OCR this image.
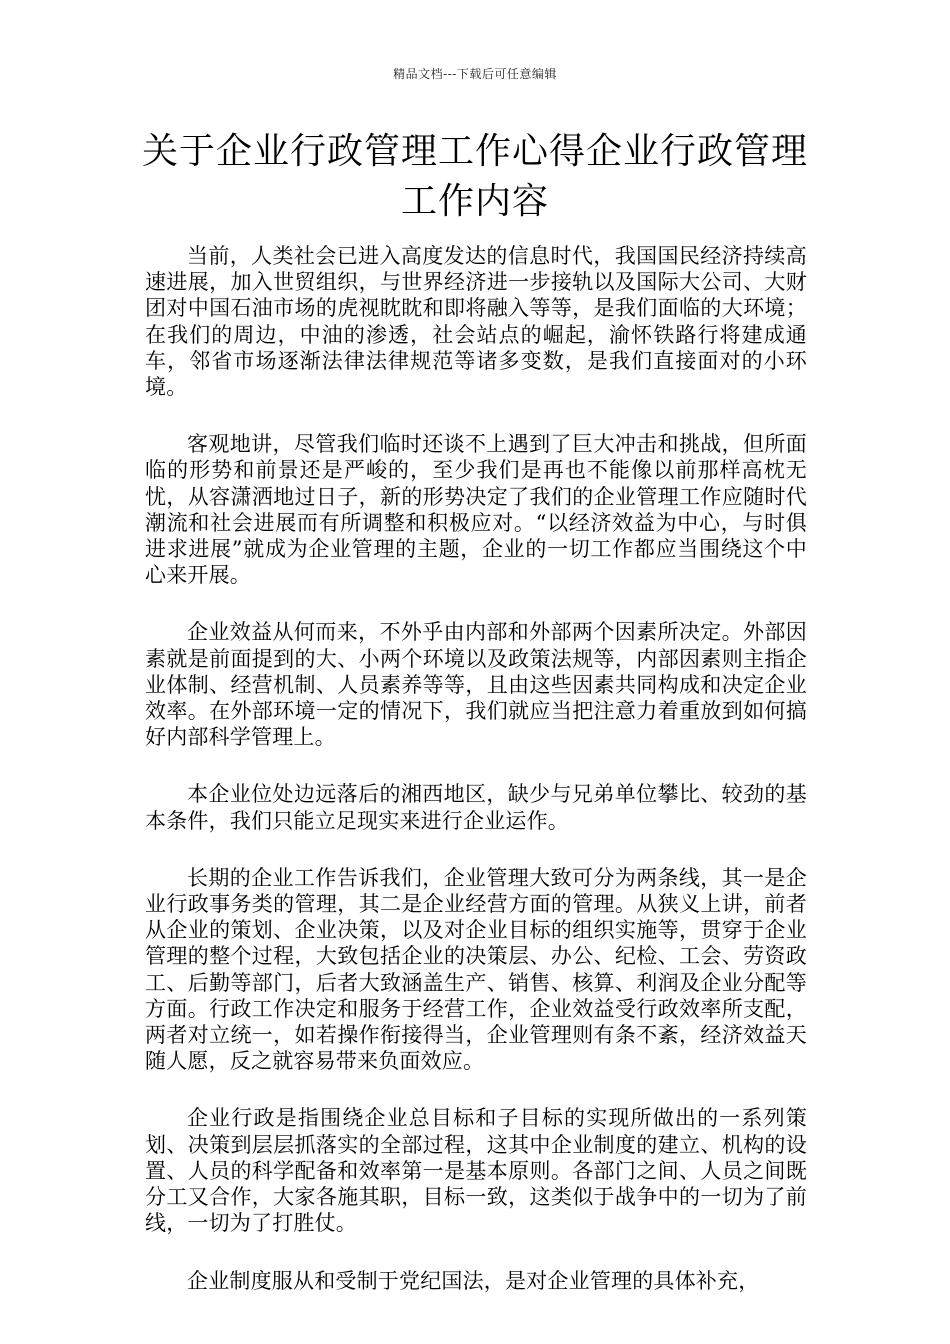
精品文档---下载后可任意编辑
关于企业行政管理工作心得企业行政管理工作内容

当前，人类社会已进入高度发达的信息时代，我国国民经济持续高速进展，加入世贸组织，与世界经济进一步接轨以及国际大公司、大财团对中国石油市场的虎视眈眈和即将融入等等，是我们面临的大环境；在我们的周边，中油的渗透，社会站点的崛起，渝怀铁路行将建成通车，邻省市场逐渐法律法律规范等诸多变数，是我们直接面对的小环境。

客观地讲，尽管我们临时还谈不上遇到了巨大冲击和挑战，但所面临的形势和前景还是严峻的，至少我们是再也不能像以前那样高枕无忧，从容潇洒地过日子，新的形势决定了我们的企业管理工作应随时代潮流和社会进展而有所调整和积极应对。“以经济效益为中心，与时俱进求进展”就成为企业管理的主题，企业的一切工作都应当围绕这个中心来开展。

企业效益从何而来，不外乎由内部和外部两个因素所决定。外部因素就是前面提到的大、小两个环境以及政策法规等，内部因素则主指企业体制、经营机制、人员素养等等，且由这些因素共同构成和决定企业效率。在外部环境一定的情况下，我们就应当把注意力着重放到如何搞好内部科学管理上。

本企业位处边远落后的湘西地区，缺少与兄弟单位攀比、较劲的基本条件，我们只能立足现实来进行企业运作。

长期的企业工作告诉我们，企业管理大致可分为两条线，其一是企业行政事务类的管理，其二是企业经营方面的管理。从狭义上讲，前者从企业的策划、企业决策，以及对企业目标的组织实施等，贯穿于企业管理的整个过程，大致包括企业的决策层、办公、纪检、工会、劳资政工、后勤等部门，后者大致涵盖生产、销售、核算、利润及企业分配等方面。行政工作决定和服务于经营工作，企业效益受行政效率所支配，两者对立统一，如若操作衔接得当，企业管理则有条不紊，经济效益天随人愿，反之就容易带来负面效应。

企业行政是指围绕企业总目标和子目标的实现所做出的一系列策划、决策到层层抓落实的全部过程，这其中企业制度的建立、机构的设置、人员的科学配备和效率第一是基本原则。各部门之间、人员之间既分工又合作，大家各施其职，目标一致，这类似于战争中的一切为了前线，一切为了打胜仗。

企业制度服从和受制于党纪国法，是对企业管理的具体补充，
